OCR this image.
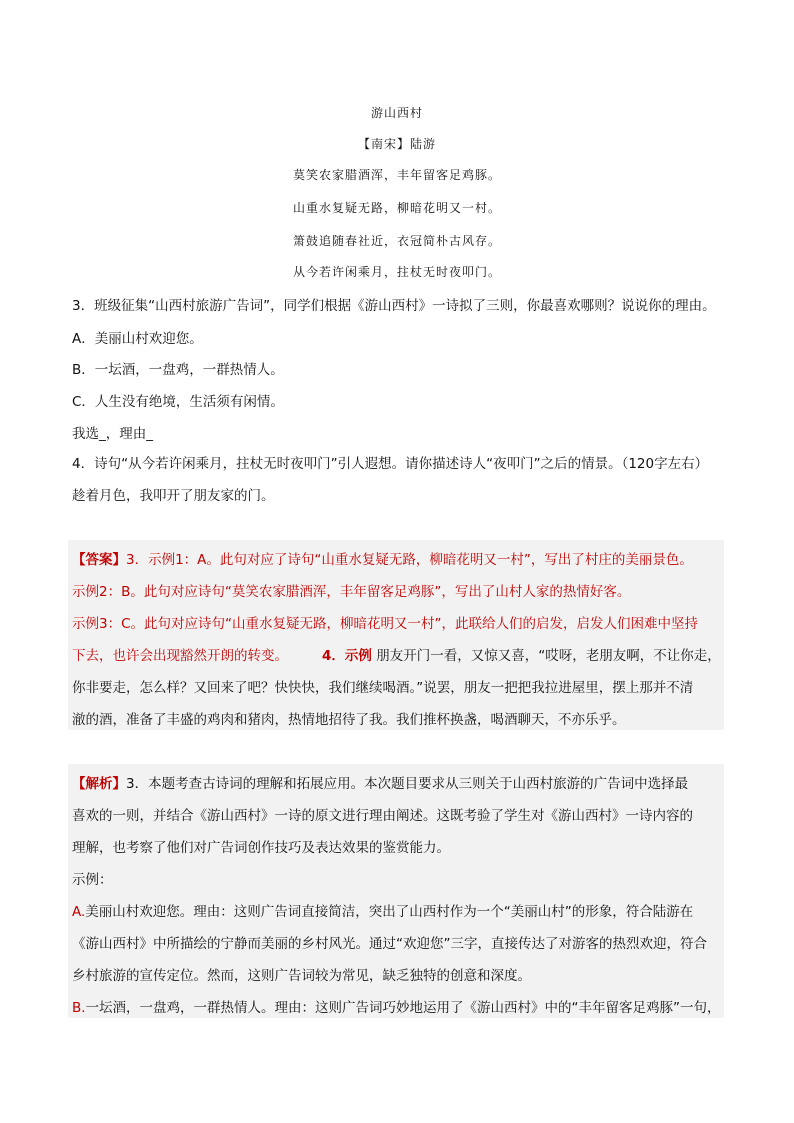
游山西村
【南宋】陆游
莫笑农家腊酒浑，丰年留客足鸡豚。
山重水复疑无路，柳暗花明又一村。
箫鼓追随春社近，衣冠简朴古风存。
从今若许闲乘月，拄杖无时夜叩门。
3．班级征集“山西村旅游广告词”，同学们根据《游山西村》一诗拟了三则，你最喜欢哪则？说说你的理由。
A．美丽山村欢迎您。
B．一坛酒，一盘鸡，一群热情人。
C．人生没有绝境，生活须有闲情。
我选_，理由_
4．诗句“从今若许闲乘月，拄杖无时夜叩门”引人遐想。请你描述诗人“夜叩门”之后的情景。（120字左右）
趁着月色，我叩开了朋友家的门。
【答案】3．示例1：A。此句对应了诗句“山重水复疑无路，柳暗花明又一村”，写出了村庄的美丽景色。
示例2：B。此句对应诗句“莫笑农家腊酒浑，丰年留客足鸡豚”，写出了山村人家的热情好客。
示例3：C。此句对应诗句“山重水复疑无路，柳暗花明又一村”，此联给人们的启发，启发人们困难中坚持
下去，也许会出现豁然开朗的转变。	4．示例 朋友开门一看，又惊又喜，“哎呀，老朋友啊，不让你走，
你非要走，怎么样？又回来了吧？快快快，我们继续喝酒。”说罢，朋友一把把我拉进屋里，摆上那并不清
澈的酒，准备了丰盛的鸡肉和猪肉，热情地招待了我。我们推杯换盏，喝酒聊天，不亦乐乎。
【解析】3．本题考查古诗词的理解和拓展应用。本次题目要求从三则关于山西村旅游的广告词中选择最
喜欢的一则，并结合《游山西村》一诗的原文进行理由阐述。这既考验了学生对《游山西村》一诗内容的
理解，也考察了他们对广告词创作技巧及表达效果的鉴赏能力。
示例：
A.美丽山村欢迎您。理由：这则广告词直接简洁，突出了山西村作为一个“美丽山村”的形象，符合陆游在
《游山西村》中所描绘的宁静而美丽的乡村风光。通过“欢迎您”三字，直接传达了对游客的热烈欢迎，符合
乡村旅游的宣传定位。然而，这则广告词较为常见，缺乏独特的创意和深度。
B.一坛酒，一盘鸡，一群热情人。理由：这则广告词巧妙地运用了《游山西村》中的“丰年留客足鸡豚”一句，
